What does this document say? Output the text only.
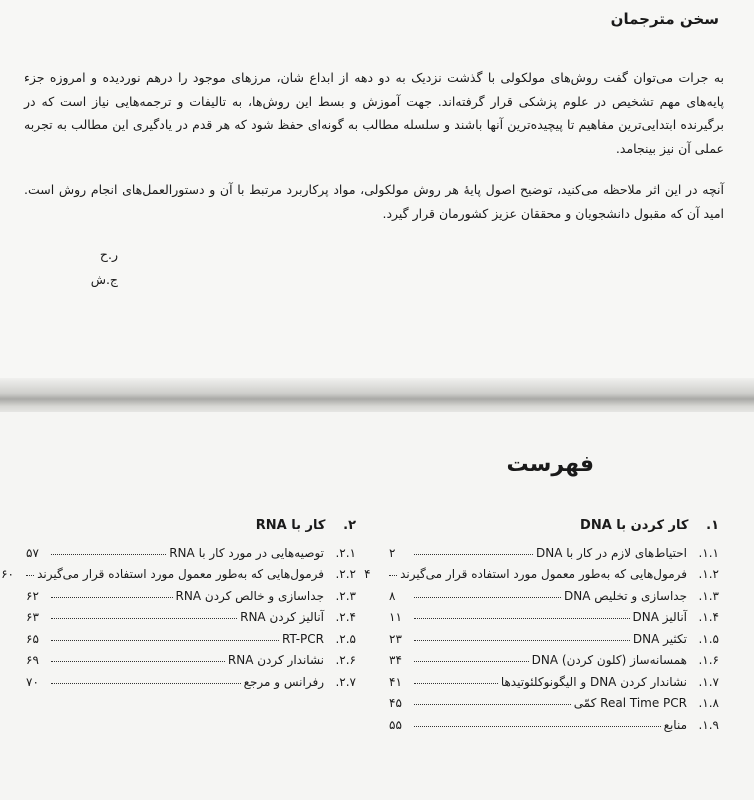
سخن مترجمان
به جرات می‌توان گفت روش‌های مولکولی با گذشت نزدیک به دو دهه از ابداع شان، مرزهای موجود را درهم نوردیده و امروزه جزء پایه‌های مهم تشخیص در علوم پزشکی قرار گرفته‌اند. جهت آموزش و بسط این روش‌ها، به تالیفات و ترجمه‌هایی نیاز است که در برگیرنده ابتدایی‌ترین مفاهیم تا پیچیده‌ترین آنها باشند و سلسله مطالب به گونه‌ای حفظ شود که هر قدم در یادگیری این مطالب به تجربه عملی آن نیز بینجامد.
آنچه در این اثر ملاحظه می‌کنید، توضیح اصول پایهٔ هر روش مولکولی، مواد پرکاربرد مرتبط با آن و دستورالعمل‌های انجام روش است. امید آن که مقبول دانشجویان و محققان عزیز کشورمان قرار گیرد.
ر.ح
ج.ش
فهرست
۱. کار کردن با DNA
۱.۱.
احتیاط‌های لازم در کار با DNA
۲
۱.۲.
فرمول‌هایی که به‌طور معمول مورد استفاده قرار می‌گیرند
۴
۱.۳.
جداسازی و تخلیص DNA
۸
۱.۴.
آنالیز DNA
۱۱
۱.۵.
تکثیر DNA
۲۳
۱.۶.
همسانه‌ساز (کلون کردن) DNA
۳۴
۱.۷.
نشاندار کردن DNA و الیگونوکلئوتیدها
۴۱
۱.۸.
Real Time PCR کمّی
۴۵
۱.۹.
منابع
۵۵
۲. کار با RNA
۲.۱.
توصیه‌هایی در مورد کار با RNA
۵۷
۲.۲.
فرمول‌هایی که به‌طور معمول مورد استفاده قرار می‌گیرند
۶۰
۲.۳.
جداسازی و خالص کردن RNA
۶۲
۲.۴.
آنالیز کردن RNA
۶۳
۲.۵.
RT-PCR
۶۵
۲.۶.
نشاندار کردن RNA
۶۹
۲.۷.
رفرانس و مرجع
۷۰
